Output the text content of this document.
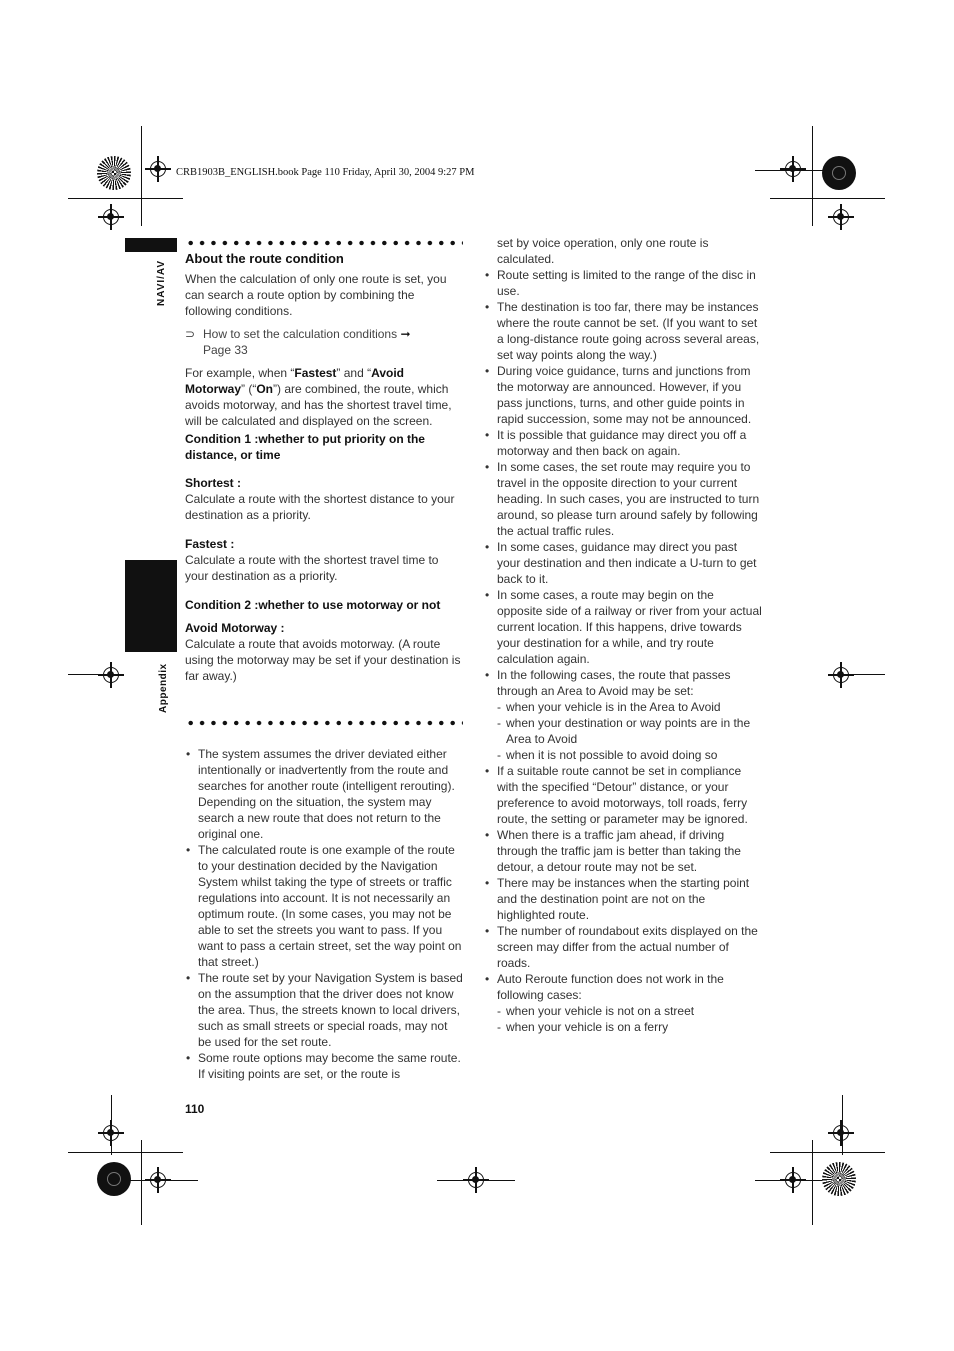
CRB1903B_ENGLISH.book Page 110 Friday, April 30, 2004 9:27 PM
NAVI/AV
Appendix

About the route condition

When the calculation of only one route is set, you can search a route option by combining the following conditions.

⊃ How to set the calculation conditions ➞
Page 33

For example, when “Fastest” and “Avoid Motorway” (“On”) are combined, the route, which avoids motorway, and has the shortest travel time, will be calculated and displayed on the screen.

Condition 1 :whether to put priority on the distance, or time

Shortest :

Calculate a route with the shortest distance to your destination as a priority.

Fastest :

Calculate a route with the shortest travel time to your destination as a priority.

Condition 2 :whether to use motorway or not

Avoid Motorway :

Calculate a route that avoids motorway. (A route using the motorway may be set if your destination is far away.)

• The system assumes the driver deviated either intentionally or inadvertently from the route and searches for another route (intelligent rerouting). Depending on the situation, the system may search a new route that does not return to the original one.
• The calculated route is one example of the route to your destination decided by the Navigation System whilst taking the type of streets or traffic regulations into account. It is not necessarily an optimum route. (In some cases, you may not be able to set the streets you want to pass. If you want to pass a certain street, set the way point on that street.)
• The route set by your Navigation System is based on the assumption that the driver does not know the area. Thus, the streets known to local drivers, such as small streets or special roads, may not be used for the set route.
• Some route options may become the same route. If visiting points are set, or the route is

set by voice operation, only one route is calculated.

• Route setting is limited to the range of the disc in use.
• The destination is too far, there may be instances where the route cannot be set. (If you want to set a long-distance route going across several areas, set way points along the way.)
• During voice guidance, turns and junctions from the motorway are announced. However, if you pass junctions, turns, and other guide points in rapid succession, some may not be announced.
• It is possible that guidance may direct you off a motorway and then back on again.
• In some cases, the set route may require you to travel in the opposite direction to your current heading. In such cases, you are instructed to turn around, so please turn around safely by following the actual traffic rules.
• In some cases, guidance may direct you past your destination and then indicate a U-turn to get back to it.
• In some cases, a route may begin on the opposite side of a railway or river from your actual current location. If this happens, drive towards your destination for a while, and try route calculation again.
• In the following cases, the route that passes through an Area to Avoid may be set:
- when your vehicle is in the Area to Avoid
- when your destination or way points are in the Area to Avoid
- when it is not possible to avoid doing so
• If a suitable route cannot be set in compliance with the specified “Detour” distance, or your preference to avoid motorways, toll roads, ferry route, the setting or parameter may be ignored.
• When there is a traffic jam ahead, if driving through the traffic jam is better than taking the detour, a detour route may not be set.
• There may be instances when the starting point and the destination point are not on the highlighted route.
• The number of roundabout exits displayed on the screen may differ from the actual number of roads.
• Auto Reroute function does not work in the following cases:
- when your vehicle is not on a street
- when your vehicle is on a ferry
110
